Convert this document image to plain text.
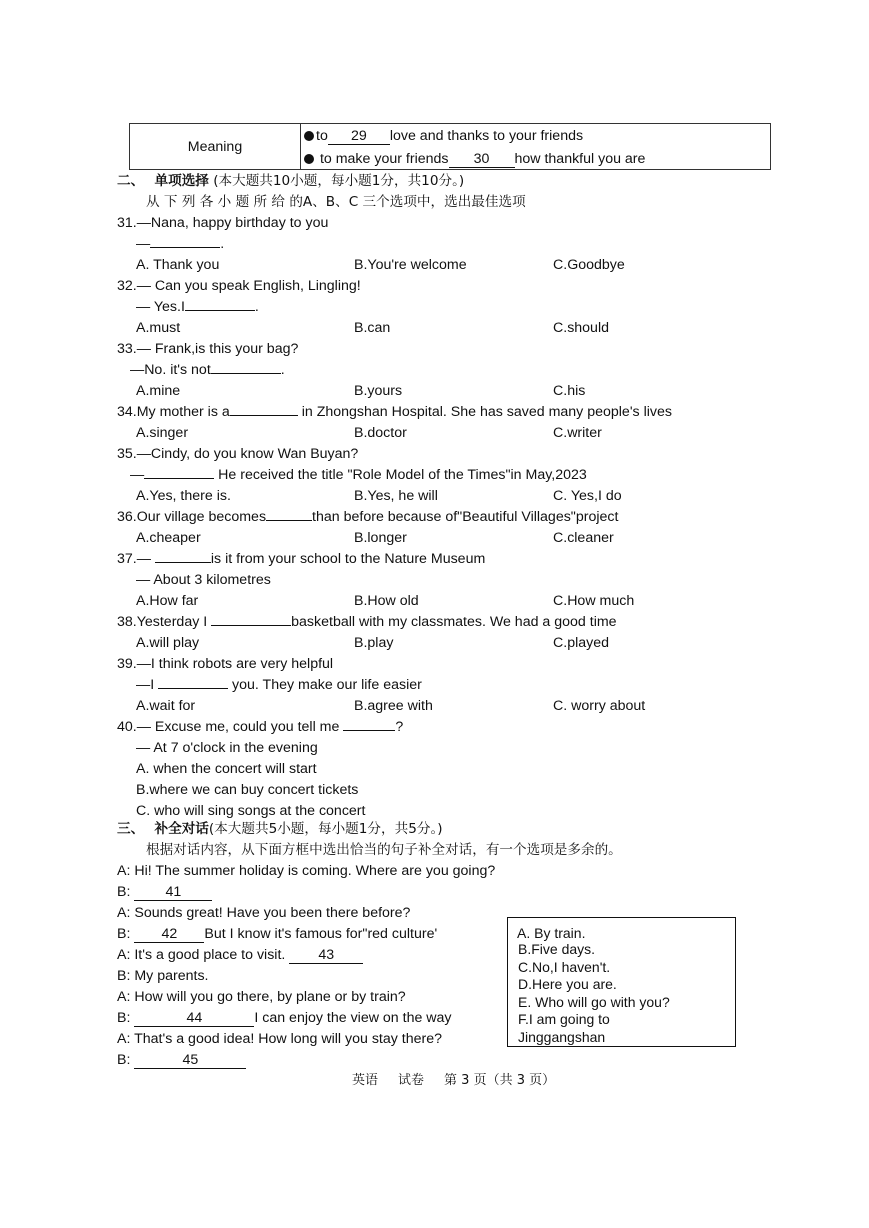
Meaning
to 29 love and thanks to your friends
to make your friends 30 how thankful you are
二、 单项选择 (本大题共10小题，每小题1分，共10分。)
从 下 列 各 小 题 所 给 的A、B、C 三个选项中，选出最佳选项
31.—Nana, happy birthday to you
—	.
A. Thank you	B.You're welcome	C.Goodbye
32.— Can you speak English, Lingling!
— Yes.I	.
A.must	B.can	C.should
33.— Frank,is this your bag?
—No. it's not	.
A.mine	B.yours	C.his
34.My mother is a	in Zhongshan Hospital. She has saved many people's lives
A.singer	B.doctor	C.writer
35.—Cindy, do you know Wan Buyan?
—	He received the title "Role Model of the Times"in May,2023
A.Yes, there is.	B.Yes, he will	C. Yes,I do
36.Our village becomes	than before because of"Beautiful Villages"project
A.cheaper	B.longer	C.cleaner
37.—	is it from your school to the Nature Museum
— About 3 kilometres
A.How far	B.How old	C.How much
38.Yesterday I	basketball with my classmates. We had a good time
A.will play	B.play	C.played
39.—I think robots are very helpful
—I	you. They make our life easier
A.wait for	B.agree with	C. worry about
40.— Excuse me, could you tell me	?
— At 7 o'clock in the evening
A. when the concert will start
B.where we can buy concert tickets
C. who will sing songs at the concert
三、 补全对话(本大题共5小题，每小题1分，共5分。)
根据对话内容，从下面方框中选出恰当的句子补全对话，有一个选项是多余的。
A: Hi! The summer holiday is coming. Where are you going?
B: 41
A: Sounds great! Have you been there before?
B: 42 But I know it's famous for"red culture'
A: It's a good place to visit. 43
B: My parents.
A: How will you go there, by plane or by train?
B:	44	I can enjoy the view on the way
A: That's a good idea! How long will you stay there?
B:	45
A. By train.
B.Five days.
C.No,I haven't.
D.Here you are.
E. Who will go with you?
F.I am going to
Jinggangshan
英语 试卷 第 3 页（共 3 页）
